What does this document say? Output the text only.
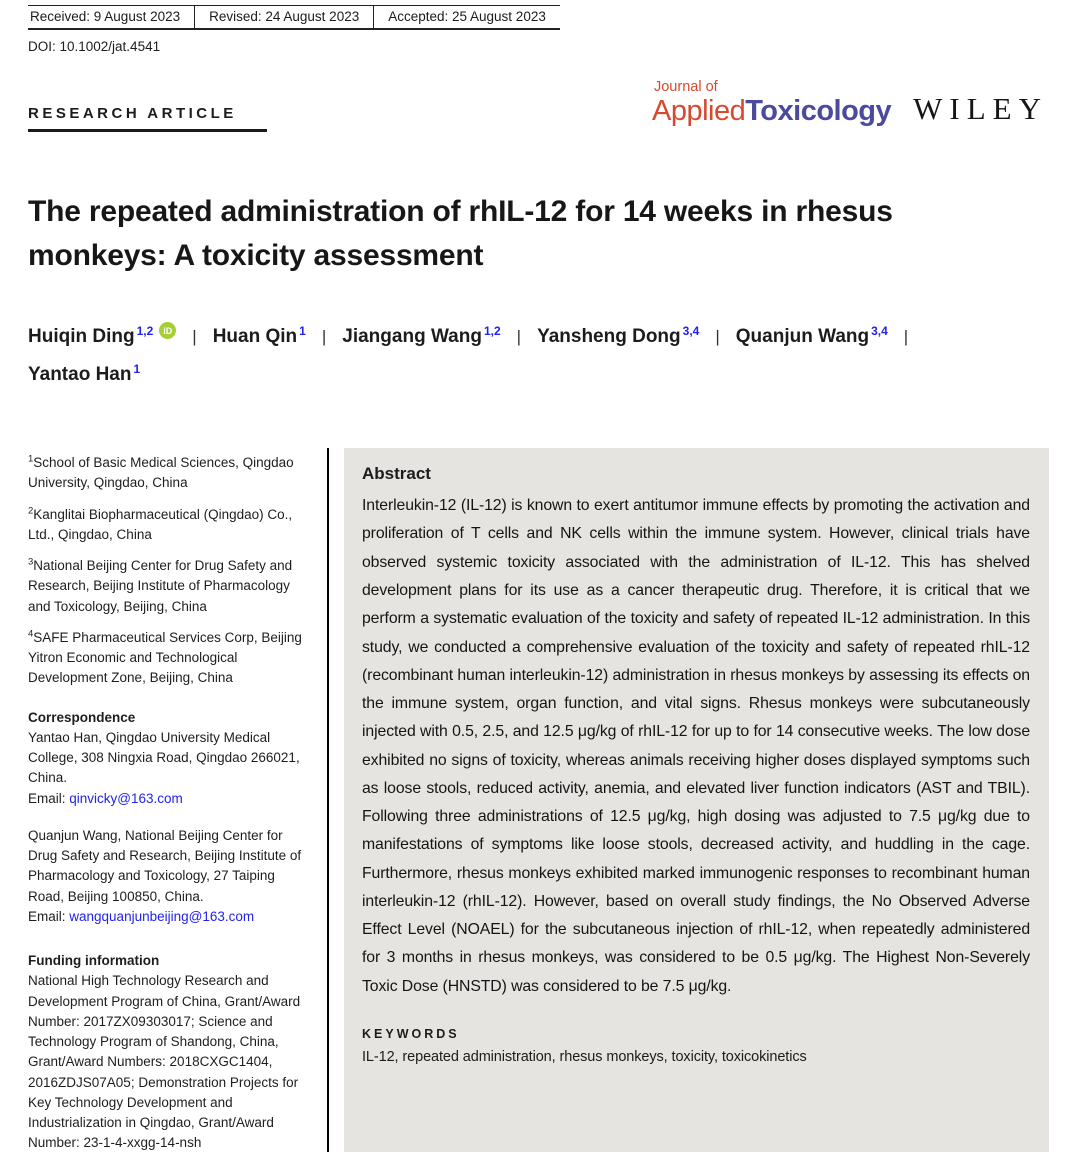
Received: 9 August 2023	Revised: 24 August 2023	Accepted: 25 August 2023
DOI: 10.1002/jat.4541
RESEARCH ARTICLE
Journal of
AppliedToxicology WILEY
The repeated administration of rhIL-12 for 14 weeks in rhesus monkeys: A toxicity assessment
Huiqin Ding 1,2	iD | Huan Qin 1 | Jiangang Wang 1,2 | Yansheng Dong 3,4 | Quanjun Wang 3,4 |
Yantao Han 1
$^1$School of Basic Medical Sciences, Qingdao University, Qingdao, China
$^2$Kanglitai Biopharmaceutical (Qingdao) Co., Ltd., Qingdao, China
$^3$National Beijing Center for Drug Safety and Research, Beijing Institute of Pharmacology and Toxicology, Beijing, China
$^4$SAFE Pharmaceutical Services Corp, Beijing Yitron Economic and Technological Development Zone, Beijing, China
Correspondence
Yantao Han, Qingdao University Medical College, 308 Ningxia Road, Qingdao 266021, China.
Email: qinvicky@163.com
Quanjun Wang, National Beijing Center for Drug Safety and Research, Beijing Institute of Pharmacology and Toxicology, 27 Taiping Road, Beijing 100850, China.
Email: wangquanjunbeijing@163.com
Funding information
National High Technology Research and Development Program of China, Grant/Award Number: 2017ZX09303017; Science and Technology Program of Shandong, China, Grant/Award Numbers: 2018CXGC1404, 2016ZDJS07A05; Demonstration Projects for Key Technology Development and Industrialization in Qingdao, Grant/Award Number: 23-1-4-xxgg-14-nsh
Abstract
Interleukin-12 (IL-12) is known to exert antitumor immune effects by promoting the activation and proliferation of T cells and NK cells within the immune system. However, clinical trials have observed systemic toxicity associated with the administration of IL-12. This has shelved development plans for its use as a cancer therapeutic drug. Therefore, it is critical that we perform a systematic evaluation of the toxicity and safety of repeated IL-12 administration. In this study, we conducted a comprehensive evaluation of the toxicity and safety of repeated rhIL-12 (recombinant human interleukin-12) administration in rhesus monkeys by assessing its effects on the immune system, organ function, and vital signs. Rhesus monkeys were subcutaneously injected with 0.5, 2.5, and 12.5 μg/kg of rhIL-12 for up to for 14 consecutive weeks. The low dose exhibited no signs of toxicity, whereas animals receiving higher doses displayed symptoms such as loose stools, reduced activity, anemia, and elevated liver function indicators (AST and TBIL). Following three administrations of 12.5 μg/kg, high dosing was adjusted to 7.5 μg/kg due to manifestations of symptoms like loose stools, decreased activity, and huddling in the cage. Furthermore, rhesus monkeys exhibited marked immunogenic responses to recombinant human interleukin-12 (rhIL-12). However, based on overall study findings, the No Observed Adverse Effect Level (NOAEL) for the subcutaneous injection of rhIL-12, when repeatedly administered for 3 months in rhesus monkeys, was considered to be 0.5 μg/kg. The Highest Non-Severely Toxic Dose (HNSTD) was considered to be 7.5 μg/kg.
KEYWORDS
IL-12, repeated administration, rhesus monkeys, toxicity, toxicokinetics
